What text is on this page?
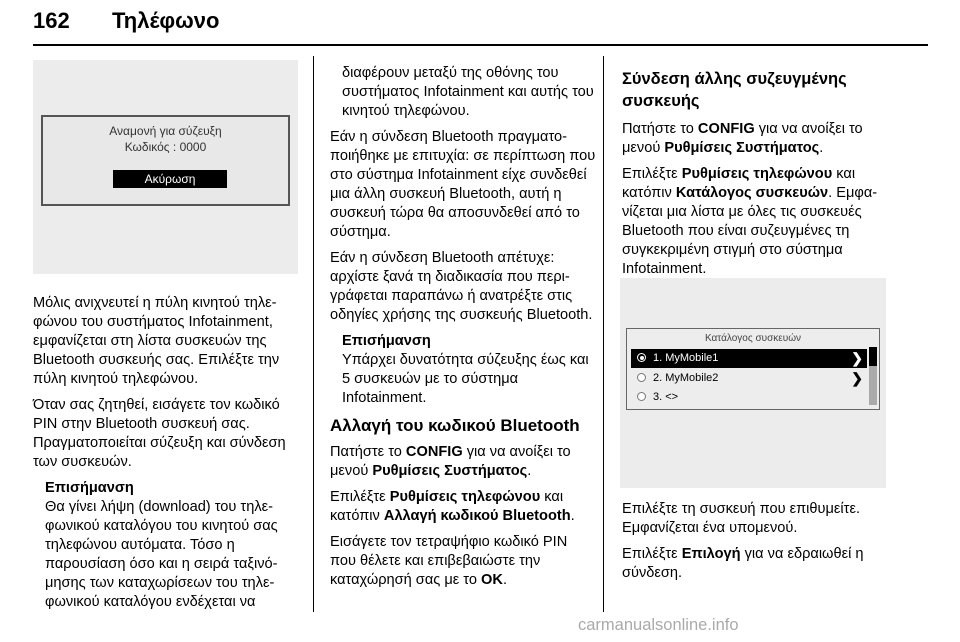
162 Τηλέφωνο
Αναμονή για σύζευξη
Κωδικός : 0000
Ακύρωση

Μόλις ανιχνευτεί η πύλη κινητού τηλε-φώνου του συστήματος Infotainment, εμφανίζεται στη λίστα συσκευών της Bluetooth συσκευής σας. Επιλέξτε την πύλη κινητού τηλεφώνου.

Όταν σας ζητηθεί, εισάγετε τον κωδικό PIN στην Bluetooth συσκευή σας. Πραγματοποιείται σύζευξη και σύνδεση των συσκευών.

Επισήμανση

Θα γίνει λήψη (download) του τηλε-φωνικού καταλόγου του κινητού σας τηλεφώνου αυτόματα. Τόσο η παρουσίαση όσο και η σειρά ταξινό-μησης των καταχωρίσεων του τηλε-φωνικού καταλόγου ενδέχεται να

διαφέρουν μεταξύ της οθόνης του συστήματος Infotainment και αυτής του κινητού τηλεφώνου.

Εάν η σύνδεση Bluetooth πραγματο-ποιήθηκε με επιτυχία: σε περίπτωση που στο σύστημα Infotainment είχε συνδεθεί μια άλλη συσκευή Bluetooth, αυτή η συσκευή τώρα θα αποσυνδεθεί από το σύστημα.

Εάν η σύνδεση Bluetooth απέτυχε: αρχίστε ξανά τη διαδικασία που περι-γράφεται παραπάνω ή ανατρέξτε στις οδηγίες χρήσης της συσκευής Bluetooth.

Επισήμανση

Υπάρχει δυνατότητα σύζευξης έως και 5 συσκευών με το σύστημα Infotainment.

Αλλαγή του κωδικού Bluetooth

Πατήστε το CONFIG για να ανοίξει το μενού Ρυθμίσεις Συστήματος.

Επιλέξτε Ρυθμίσεις τηλεφώνου και κατόπιν Αλλαγή κωδικού Bluetooth.

Εισάγετε τον τετραψήφιο κωδικό PIN που θέλετε και επιβεβαιώστε την καταχώρησή σας με το OK.

Σύνδεση άλλης συζευγμένης συσκευής

Πατήστε το CONFIG για να ανοίξει το μενού Ρυθμίσεις Συστήματος.

Επιλέξτε Ρυθμίσεις τηλεφώνου και κατόπιν Κατάλογος συσκευών. Εμφα-νίζεται μια λίστα με όλες τις συσκευές Bluetooth που είναι συζευγμένες τη συγκεκριμένη στιγμή στο σύστημα Infotainment.

Κατάλογος συσκευών
1. MyMobile1	❯
2. MyMobile2	❯
3. <>

Επιλέξτε τη συσκευή που επιθυμείτε. Εμφανίζεται ένα υπομενού.

Επιλέξτε Επιλογή για να εδραιωθεί η σύνδεση.

carmanualsonline.info
